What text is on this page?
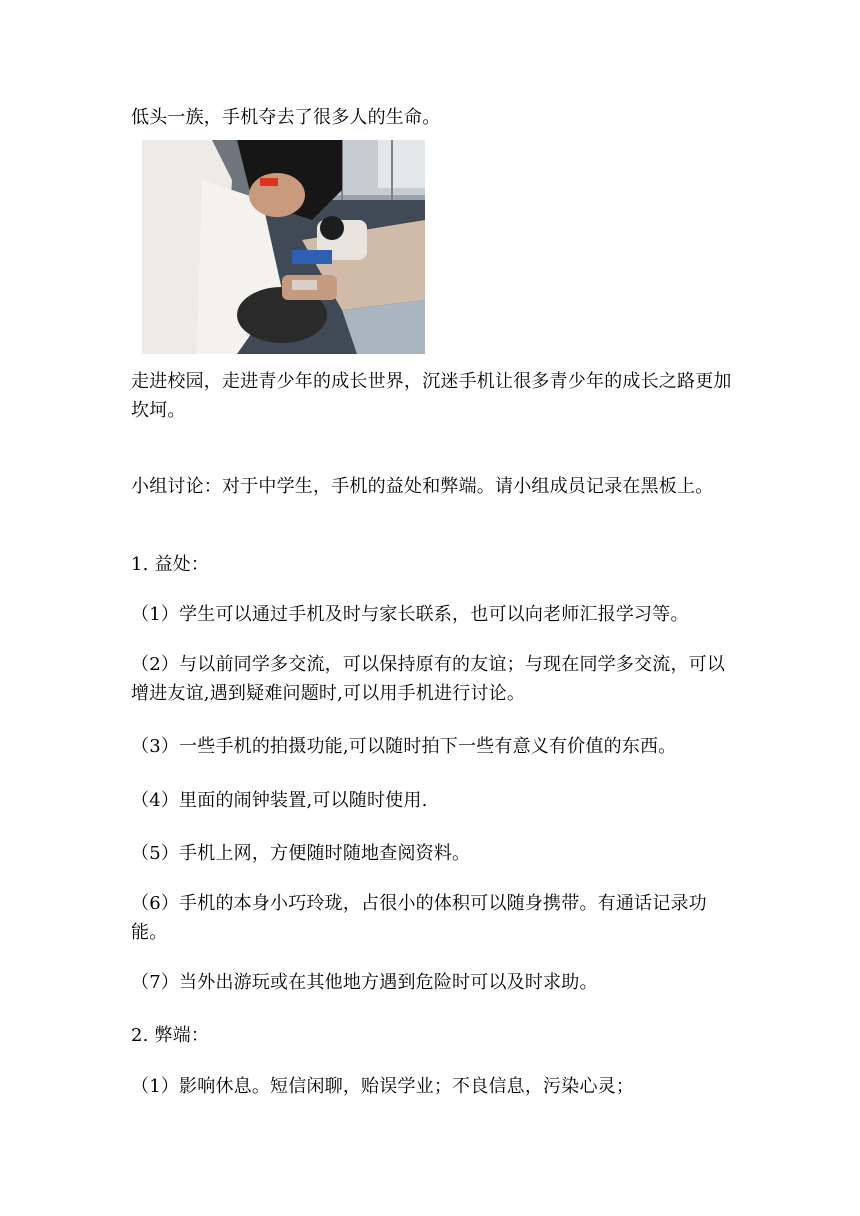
低头一族，手机夺去了很多人的生命。

走进校园，走进青少年的成长世界，沉迷手机让很多青少年的成长之路更加坎坷。

小组讨论：对于中学生，手机的益处和弊端。请小组成员记录在黑板上。

1. 益处：

（1）学生可以通过手机及时与家长联系，也可以向老师汇报学习等。

（2）与以前同学多交流，可以保持原有的友谊；与现在同学多交流，可以增进友谊,遇到疑难问题时,可以用手机进行讨论。

（3）一些手机的拍摄功能,可以随时拍下一些有意义有价值的东西。

（4）里面的闹钟装置,可以随时使用.

（5）手机上网，方便随时随地查阅资料。

（6）手机的本身小巧玲珑，占很小的体积可以随身携带。有通话记录功能。

（7）当外出游玩或在其他地方遇到危险时可以及时求助。

2. 弊端：

（1）影响休息。短信闲聊，贻误学业；不良信息，污染心灵；
